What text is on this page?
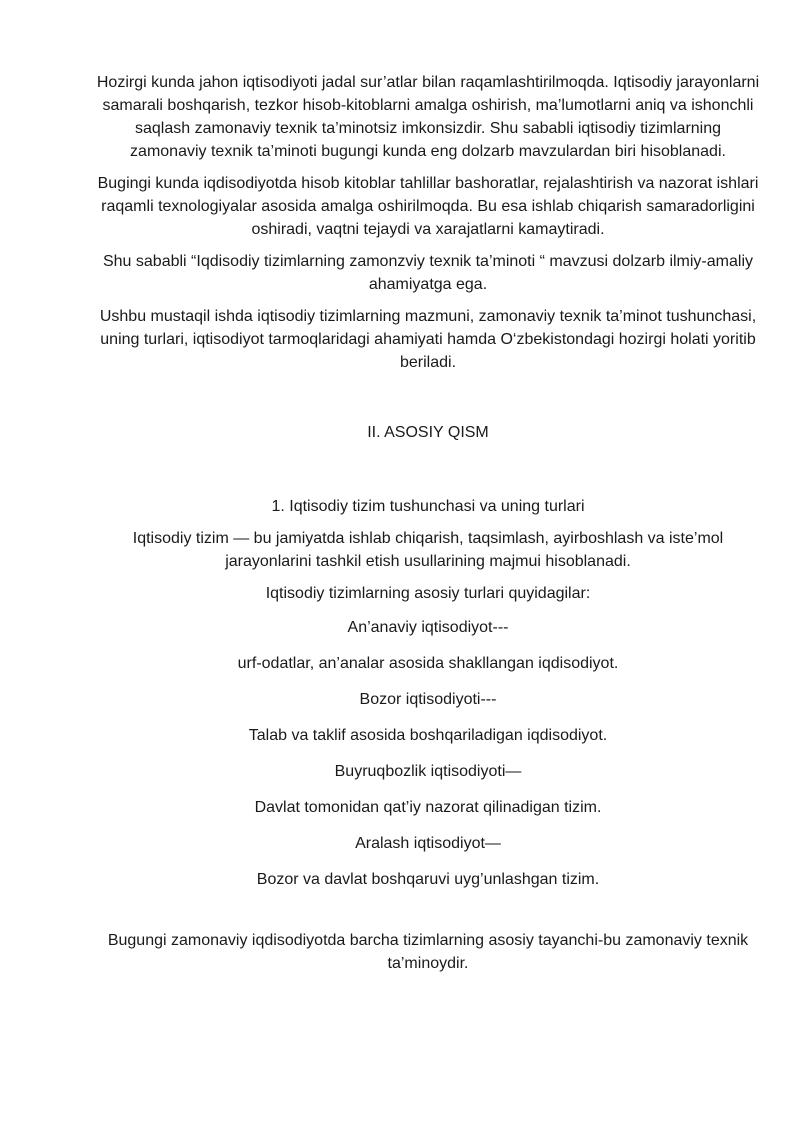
Hozirgi kunda jahon iqtisodiyoti jadal sur’atlar bilan raqamlashtirilmoqda. Iqtisodiy jarayonlarni samarali boshqarish, tezkor hisob-kitoblarni amalga oshirish, ma’lumotlarni aniq va ishonchli saqlash zamonaviy texnik ta’minotsiz imkonsizdir. Shu sababli iqtisodiy tizimlarning zamonaviy texnik ta’minoti bugungi kunda eng dolzarb mavzulardan biri hisoblanadi.

Bugingi kunda iqdisodiyotda hisob kitoblar tahlillar bashoratlar, rejalashtirish va nazorat ishlari raqamli texnologiyalar asosida amalga oshirilmoqda. Bu esa ishlab chiqarish samaradorligini oshiradi, vaqtni tejaydi va xarajatlarni kamaytiradi.

Shu sababli “Iqdisodiy tizimlarning zamonzviy texnik ta’minoti “ mavzusi dolzarb ilmiy-amaliy ahamiyatga ega.

Ushbu mustaqil ishda iqtisodiy tizimlarning mazmuni, zamonaviy texnik ta’minot tushunchasi, uning turlari, iqtisodiyot tarmoqlaridagi ahamiyati hamda O‘zbekistondagi hozirgi holati yoritib beriladi.

II. ASOSIY QISM

1. Iqtisodiy tizim tushunchasi va uning turlari

Iqtisodiy tizim — bu jamiyatda ishlab chiqarish, taqsimlash, ayirboshlash va iste’mol jarayonlarini tashkil etish usullarining majmui hisoblanadi.

Iqtisodiy tizimlarning asosiy turlari quyidagilar:

An’anaviy iqtisodiyot---

urf-odatlar, an’analar asosida shakllangan iqdisodiyot.

Bozor iqtisodiyoti---

Talab va taklif asosida boshqariladigan iqdisodiyot.

Buyruqbozlik iqtisodiyoti—

Davlat tomonidan qat’iy nazorat qilinadigan tizim.

Aralash iqtisodiyot—

Bozor va davlat boshqaruvi uyg’unlashgan tizim.

Bugungi zamonaviy iqdisodiyotda barcha tizimlarning asosiy tayanchi-bu zamonaviy texnik ta’minoydir.
